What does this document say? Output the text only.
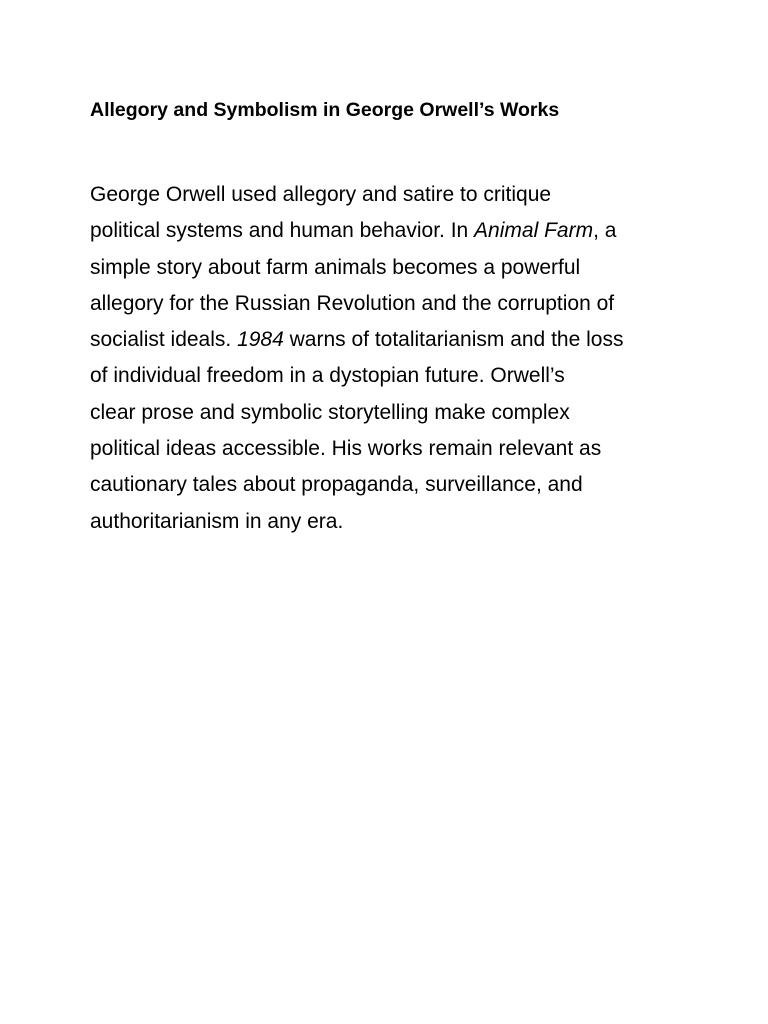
Allegory and Symbolism in George Orwell’s Works

George Orwell used allegory and satire to critique
political systems and human behavior. In Animal Farm, a
simple story about farm animals becomes a powerful
allegory for the Russian Revolution and the corruption of
socialist ideals. 1984 warns of totalitarianism and the loss
of individual freedom in a dystopian future. Orwell’s
clear prose and symbolic storytelling make complex
political ideas accessible. His works remain relevant as
cautionary tales about propaganda, surveillance, and
authoritarianism in any era.
